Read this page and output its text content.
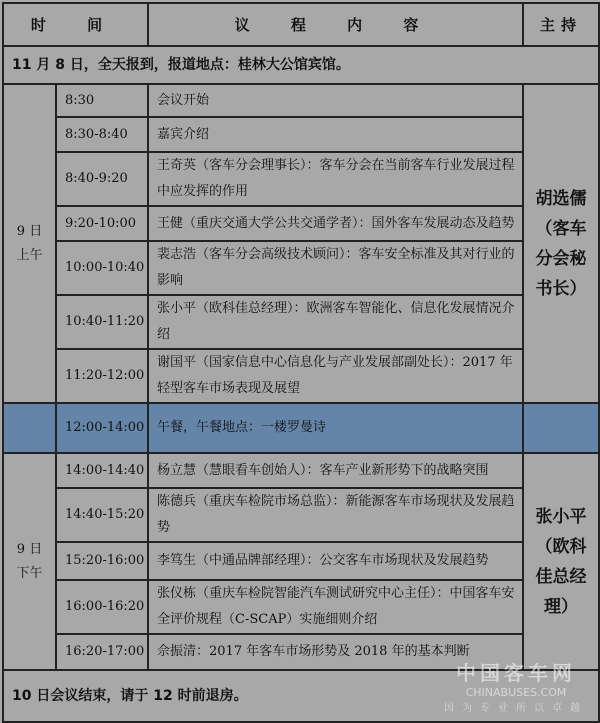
时 间		议 程 内 容	主持
11 月 8 日，全天报到，报道地点：桂林大公馆宾馆。			
9 日
上午	8:30	会议开始	胡选儒（客车分会秘书长）
	8:30-8:40	嘉宾介绍	
	8:40-9:20	王奇英（客车分会理事长）：客车分会在当前客车行业发展过程中应发挥的作用	
	9:20-10:00	王健（重庆交通大学公共交通学者）：国外客车发展动态及趋势	
	10:00-10:40	裴志浩（客车分会高级技术顾问）：客车安全标准及其对行业的影响	
	10:40-11:20	张小平（欧科佳总经理）：欧洲客车智能化、信息化发展情况介绍	
	11:20-12:00	谢国平（国家信息中心信息化与产业发展部副处长）：2017 年轻型客车市场表现及展望	
	12:00-14:00	午餐，午餐地点：一楼罗曼诗	
9 日
下午	14:00-14:40	杨立慧（慧眼看车创始人）：客车产业新形势下的战略突围	张小平（欧科佳总经理）
	14:40-15:20	陈德兵（重庆车检院市场总监）：新能源客车市场现状及发展趋势	
	15:20-16:00	李笃生（中通品牌部经理）：公交客车市场现状及发展趋势	
	16:00-16:20	张仪栋（重庆车检院智能汽车测试研究中心主任）：中国客车安全评价规程（C-SCAP）实施细则介绍	
	16:20-17:00	佘振清：2017 年客车市场形势及 2018 年的基本判断	
10 日会议结束，请于 12 时前退房。			
中国客车网
CHINABUSES.COM
因为专业所以卓越
